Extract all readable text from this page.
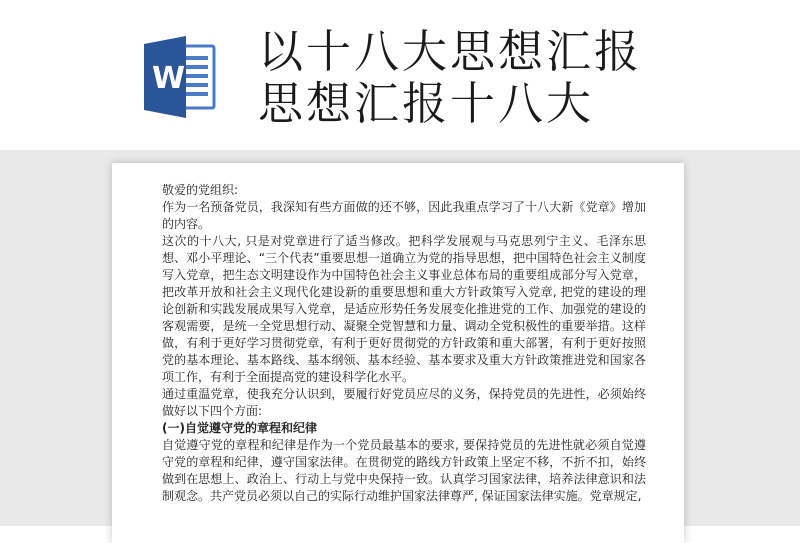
W
以十八大思想汇报
思想汇报十八大

敬爱的党组织:

作为一名预备党员，我深知有些方面做的还不够，因此我重点学习了十八大新《党章》增加的内容。

这次的十八大, 只是对党章进行了适当修改。把科学发展观与马克思列宁主义、毛泽东思想、邓小平理论、“三个代表”重要思想一道确立为党的指导思想，把中国特色社会主义制度写入党章，把生态文明建设作为中国特色社会主义事业总体布局的重要组成部分写入党章，把改革开放和社会主义现代化建设新的重要思想和重大方针政策写入党章, 把党的建设的理论创新和实践发展成果写入党章，是适应形势任务发展变化推进党的工作、加强党的建设的客观需要，是统一全党思想行动、凝聚全党智慧和力量、调动全党积极性的重要举措。这样做，有利于更好学习贯彻党章，有利于更好贯彻党的方针政策和重大部署，有利于更好按照党的基本理论、基本路线、基本纲领、基本经验、基本要求及重大方针政策推进党和国家各项工作，有利于全面提高党的建设科学化水平。

通过重温党章，使我充分认识到，要履行好党员应尽的义务，保持党员的先进性，必须始终做好以下四个方面:

(一)自觉遵守党的章程和纪律

自觉遵守党的章程和纪律是作为一个党员最基本的要求, 要保持党员的先进性就必须自觉遵守党的章程和纪律，遵守国家法律。在贯彻党的路线方针政策上坚定不移，不折不扣，始终做到在思想上、政治上、行动上与党中央保持一致。认真学习国家法律，培养法律意识和法制观念。共产党员必须以自己的实际行动维护国家法律尊严, 保证国家法律实施。党章规定,
